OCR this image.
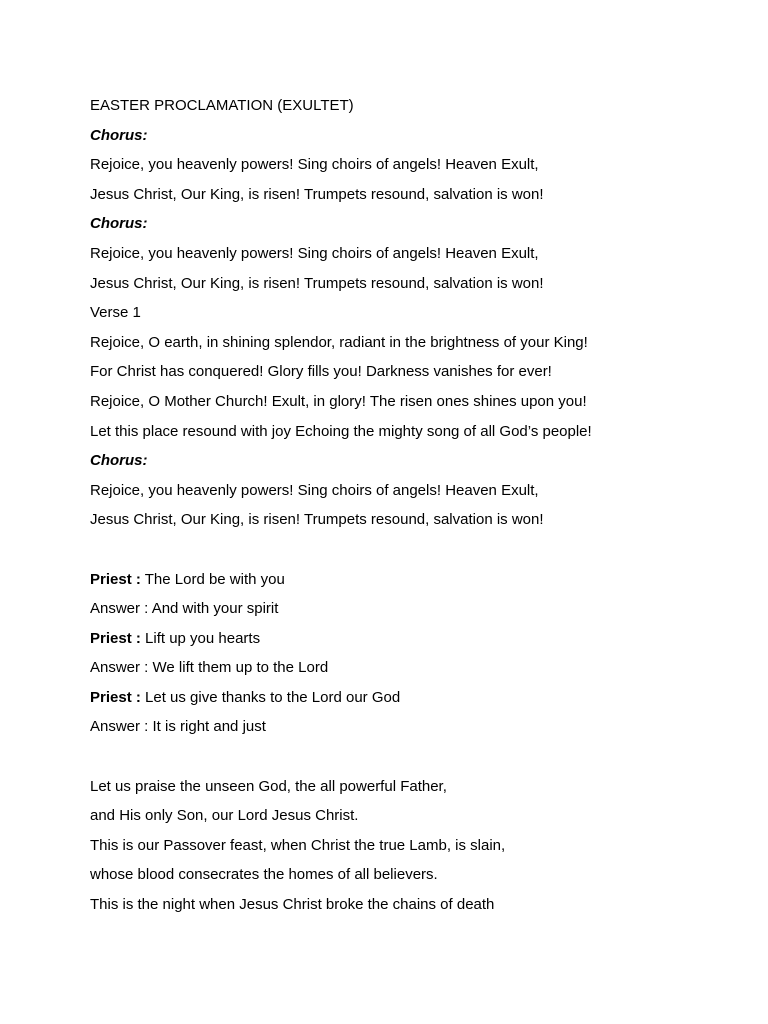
EASTER PROCLAMATION (EXULTET)
Chorus:
Rejoice, you heavenly powers! Sing choirs of angels! Heaven Exult,
Jesus Christ, Our King, is risen! Trumpets resound, salvation is won!
Chorus:
Rejoice, you heavenly powers! Sing choirs of angels! Heaven Exult,
Jesus Christ, Our King, is risen! Trumpets resound, salvation is won!
Verse 1
Rejoice, O earth, in shining splendor, radiant in the brightness of your King!
For Christ has conquered! Glory fills you! Darkness vanishes for ever!
Rejoice, O Mother Church! Exult, in glory! The risen ones shines upon you!
Let this place resound with joy Echoing the mighty song of all God’s people!
Chorus:
Rejoice, you heavenly powers! Sing choirs of angels! Heaven Exult,
Jesus Christ, Our King, is risen! Trumpets resound, salvation is won!
Priest : The Lord be with you
Answer : And with your spirit
Priest : Lift up you hearts
Answer : We lift them up to the Lord
Priest : Let us give thanks to the Lord our God
Answer : It is right and just
Let us praise the unseen God, the all powerful Father,
and His only Son, our Lord Jesus Christ.
This is our Passover feast, when Christ the true Lamb, is slain,
whose blood consecrates the homes of all believers.
This is the night when Jesus Christ broke the chains of death
